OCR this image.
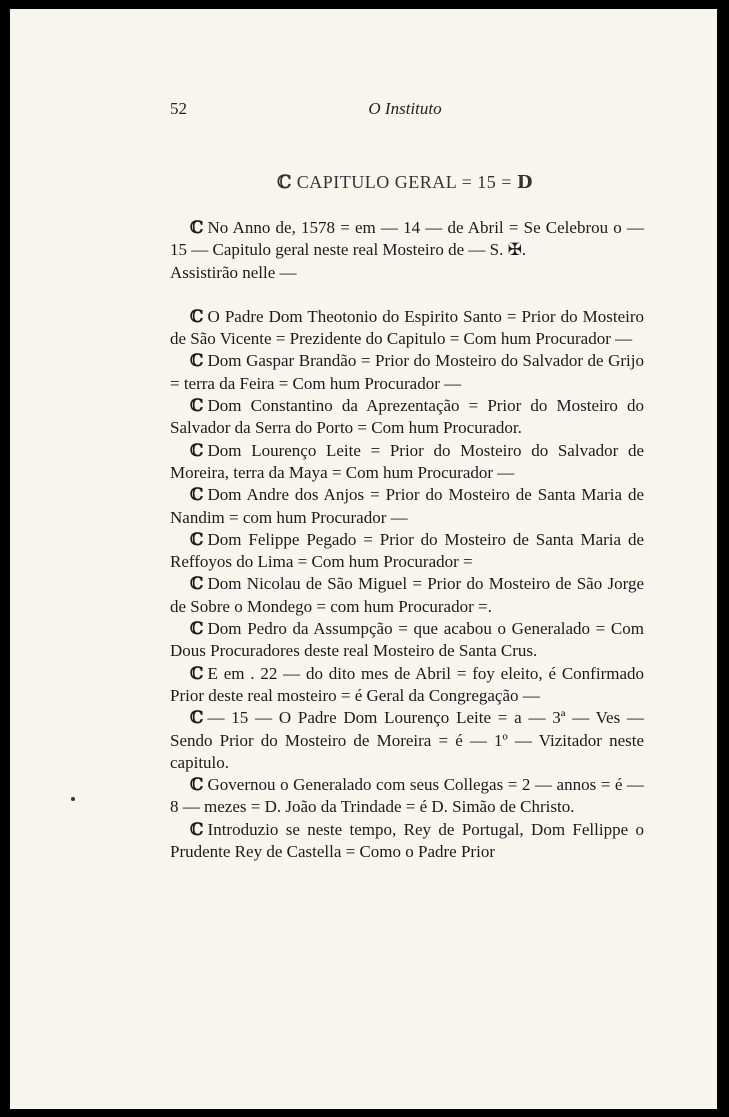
52	O Instituto
ℂ CAPITULO GERAL = 15 = D

ℂ No Anno de, 1578 = em — 14 — de Abril = Se Celebrou o — 15 — Capitulo geral neste real Mosteiro de — S. ✠.
Assistirão nelle —

ℂ O Padre Dom Theotonio do Espirito Santo = Prior do Mosteiro de São Vicente = Prezidente do Capitulo = Com hum Procurador —

ℂ Dom Gaspar Brandão = Prior do Mosteiro do Salvador de Grijo = terra da Feira = Com hum Procurador —

ℂ Dom Constantino da Aprezentação = Prior do Mosteiro do Salvador da Serra do Porto = Com hum Procurador.

ℂ Dom Lourenço Leite = Prior do Mosteiro do Salvador de Moreira, terra da Maya = Com hum Procurador —

ℂ Dom Andre dos Anjos = Prior do Mosteiro de Santa Maria de Nandim = com hum Procurador —

ℂ Dom Felippe Pegado = Prior do Mosteiro de Santa Maria de Reffoyos do Lima = Com hum Procurador =

ℂ Dom Nicolau de São Miguel = Prior do Mosteiro de São Jorge de Sobre o Mondego = com hum Procurador =.

ℂ Dom Pedro da Assumpção = que acabou o Generalado = Com Dous Procuradores deste real Mosteiro de Santa Crus.

ℂ E em . 22 — do dito mes de Abril = foy eleito, é Confirmado Prior deste real mosteiro = é Geral da Congregação —

ℂ — 15 — O Padre Dom Lourenço Leite = a — 3ª — Ves — Sendo Prior do Mosteiro de Moreira = é — 1º — Vizitador neste capitulo.

ℂ Governou o Generalado com seus Collegas = 2 — annos = é — 8 — mezes = D. João da Trindade = é D. Simão de Christo.

ℂ Introduzio se neste tempo, Rey de Portugal, Dom Fellippe o Prudente Rey de Castella = Como o Padre Prior
